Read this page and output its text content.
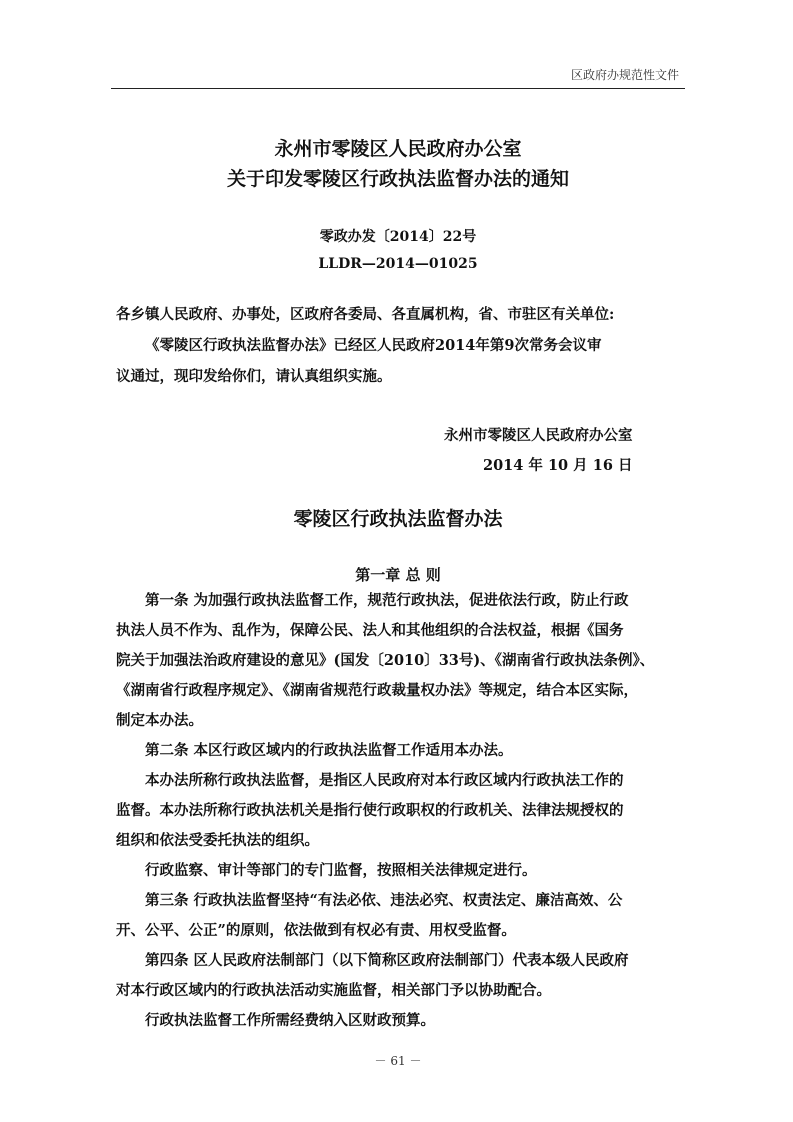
区政府办规范性文件
永州市零陵区人民政府办公室
关于印发零陵区行政执法监督办法的通知
零政办发〔2014〕22号
LLDR—2014—01025
各乡镇人民政府、办事处，区政府各委局、各直属机构，省、市驻区有关单位:
《零陵区行政执法监督办法》已经区人民政府2014年第9次常务会议审
议通过，现印发给你们，请认真组织实施。
永州市零陵区人民政府办公室
2014 年 10 月 16 日
零陵区行政执法监督办法
第一章 总 则
第一条 为加强行政执法监督工作，规范行政执法，促进依法行政，防止行政
执法人员不作为、乱作为，保障公民、法人和其他组织的合法权益，根据《国务
院关于加强法治政府建设的意见》(国发〔2010〕33号)、《湖南省行政执法条例》、
《湖南省行政程序规定》、《湖南省规范行政裁量权办法》等规定，结合本区实际，
制定本办法。
第二条 本区行政区域内的行政执法监督工作适用本办法。
本办法所称行政执法监督，是指区人民政府对本行政区域内行政执法工作的
监督。本办法所称行政执法机关是指行使行政职权的行政机关、法律法规授权的
组织和依法受委托执法的组织。
行政监察、审计等部门的专门监督，按照相关法律规定进行。
第三条 行政执法监督坚持“有法必依、违法必究、权责法定、廉洁高效、公
开、公平、公正”的原则，依法做到有权必有责、用权受监督。
第四条 区人民政府法制部门（以下简称区政府法制部门）代表本级人民政府
对本行政区域内的行政执法活动实施监督，相关部门予以协助配合。
行政执法监督工作所需经费纳入区财政预算。
－ 61 －
